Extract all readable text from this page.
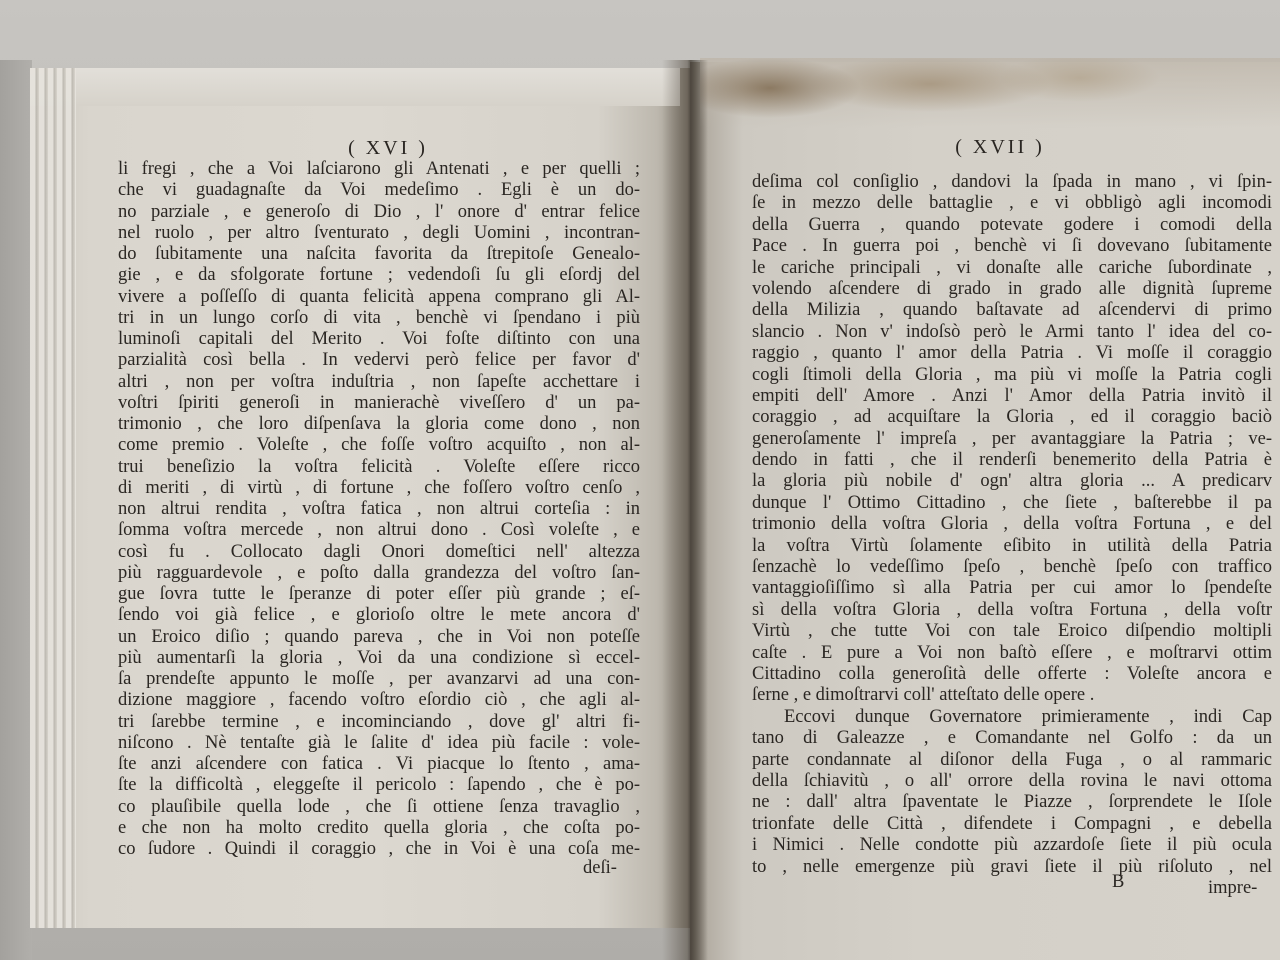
( XVI )
li fregi , che a Voi laſciarono gli Antenati , e per quelli ;
che vi guadagnaſte da Voi medeſimo . Egli è un do-
no parziale , e generoſo di Dio , l' onore d' entrar felice
nel ruolo , per altro ſventurato , degli Uomini , incontran-
do ſubitamente una naſcita favorita da ſtrepitoſe Genealo-
gie , e da sfolgorate fortune ; vedendoſi ſu gli eſordj del
vivere a poſſeſſo di quanta felicità appena comprano gli Al-
tri in un lungo corſo di vita , benchè vi ſpendano i più
luminoſi capitali del Merito . Voi foſte diſtinto con una
parzialità così bella . In vedervi però felice per favor d'
altri , non per voſtra induſtria , non ſapeſte acchettare i
voſtri ſpiriti generoſi in manierachè viveſſero d' un pa-
trimonio , che loro diſpenſava la gloria come dono , non
come premio . Voleſte , che foſſe voſtro acquiſto , non al-
trui beneſizio la voſtra felicità . Voleſte eſſere ricco
di meriti , di virtù , di fortune , che foſſero voſtro cenſo ,
non altrui rendita , voſtra fatica , non altrui corteſia : in
ſomma voſtra mercede , non altrui dono . Così voleſte , e
così fu . Collocato dagli Onori domeſtici nell' altezza
più ragguardevole , e poſto dalla grandezza del voſtro ſan-
gue ſovra tutte le ſperanze di poter eſſer più grande ; eſ-
ſendo voi già felice , e glorioſo oltre le mete ancora d'
un Eroico diſio ; quando pareva , che in Voi non poteſſe
più aumentarſi la gloria , Voi da una condizione sì eccel-
ſa prendeſte appunto le moſſe , per avanzarvi ad una con-
dizione maggiore , facendo voſtro eſordio ciò , che agli al-
tri ſarebbe termine , e incominciando , dove gl' altri fi-
niſcono . Nè tentaſte già le ſalite d' idea più facile : vole-
ſte anzi aſcendere con fatica . Vi piacque lo ſtento , ama-
ſte la difficoltà , eleggeſte il pericolo : ſapendo , che è po-
co plauſibile quella lode , che ſi ottiene ſenza travaglio ,
e che non ha molto credito quella gloria , che coſta po-
co ſudore . Quindi il coraggio , che in Voi è una coſa me-
deſi-
( XVII )
deſima col conſiglio , dandovi la ſpada in mano , vi ſpin-
ſe in mezzo delle battaglie , e vi obbligò agli incomodi
della Guerra , quando potevate godere i comodi della
Pace . In guerra poi , benchè vi ſi dovevano ſubitamente
le cariche principali , vi donaſte alle cariche ſubordinate ,
volendo aſcendere di grado in grado alle dignità ſupreme
della Milizia , quando baſtavate ad aſcendervi di primo
slancio . Non v' indoſsò però le Armi tanto l' idea del co-
raggio , quanto l' amor della Patria . Vi moſſe il coraggio
cogli ſtimoli della Gloria , ma più vi moſſe la Patria cogli
empiti dell' Amore . Anzi l' Amor della Patria invitò il
coraggio , ad acquiſtare la Gloria , ed il coraggio baciò
generoſamente l' impreſa , per avantaggiare la Patria ; ve-
dendo in fatti , che il renderſi benemerito della Patria è
la gloria più nobile d' ogn' altra gloria ... A predicarv
dunque l' Ottimo Cittadino , che ſiete , baſterebbe il pa
trimonio della voſtra Gloria , della voſtra Fortuna , e del
la voſtra Virtù ſolamente eſibito in utilità della Patria
ſenzachè lo vedeſſimo ſpeſo , benchè ſpeſo con traffico
vantaggioſiſſimo sì alla Patria per cui amor lo ſpendeſte
sì della voſtra Gloria , della voſtra Fortuna , della voſtr
Virtù , che tutte Voi con tale Eroico diſpendio moltipli
caſte . E pure a Voi non baſtò eſſere , e moſtrarvi ottim
Cittadino colla generoſità delle offerte : Voleſte ancora e
ſerne , e dimoſtrarvi coll' atteſtato delle opere .
Eccovi dunque Governatore primieramente , indi Cap
tano di Galeazze , e Comandante nel Golfo : da un
parte condannate al diſonor della Fuga , o al rammaric
della ſchiavitù , o all' orrore della rovina le navi ottoma
ne : dall' altra ſpaventate le Piazze , ſorprendete le Iſole
trionfate delle Città , difendete i Compagni , e debella
i Nimici . Nelle condotte più azzardoſe ſiete il più ocula
to , nelle emergenze più gravi ſiete il più riſoluto , nel
B	impre-
